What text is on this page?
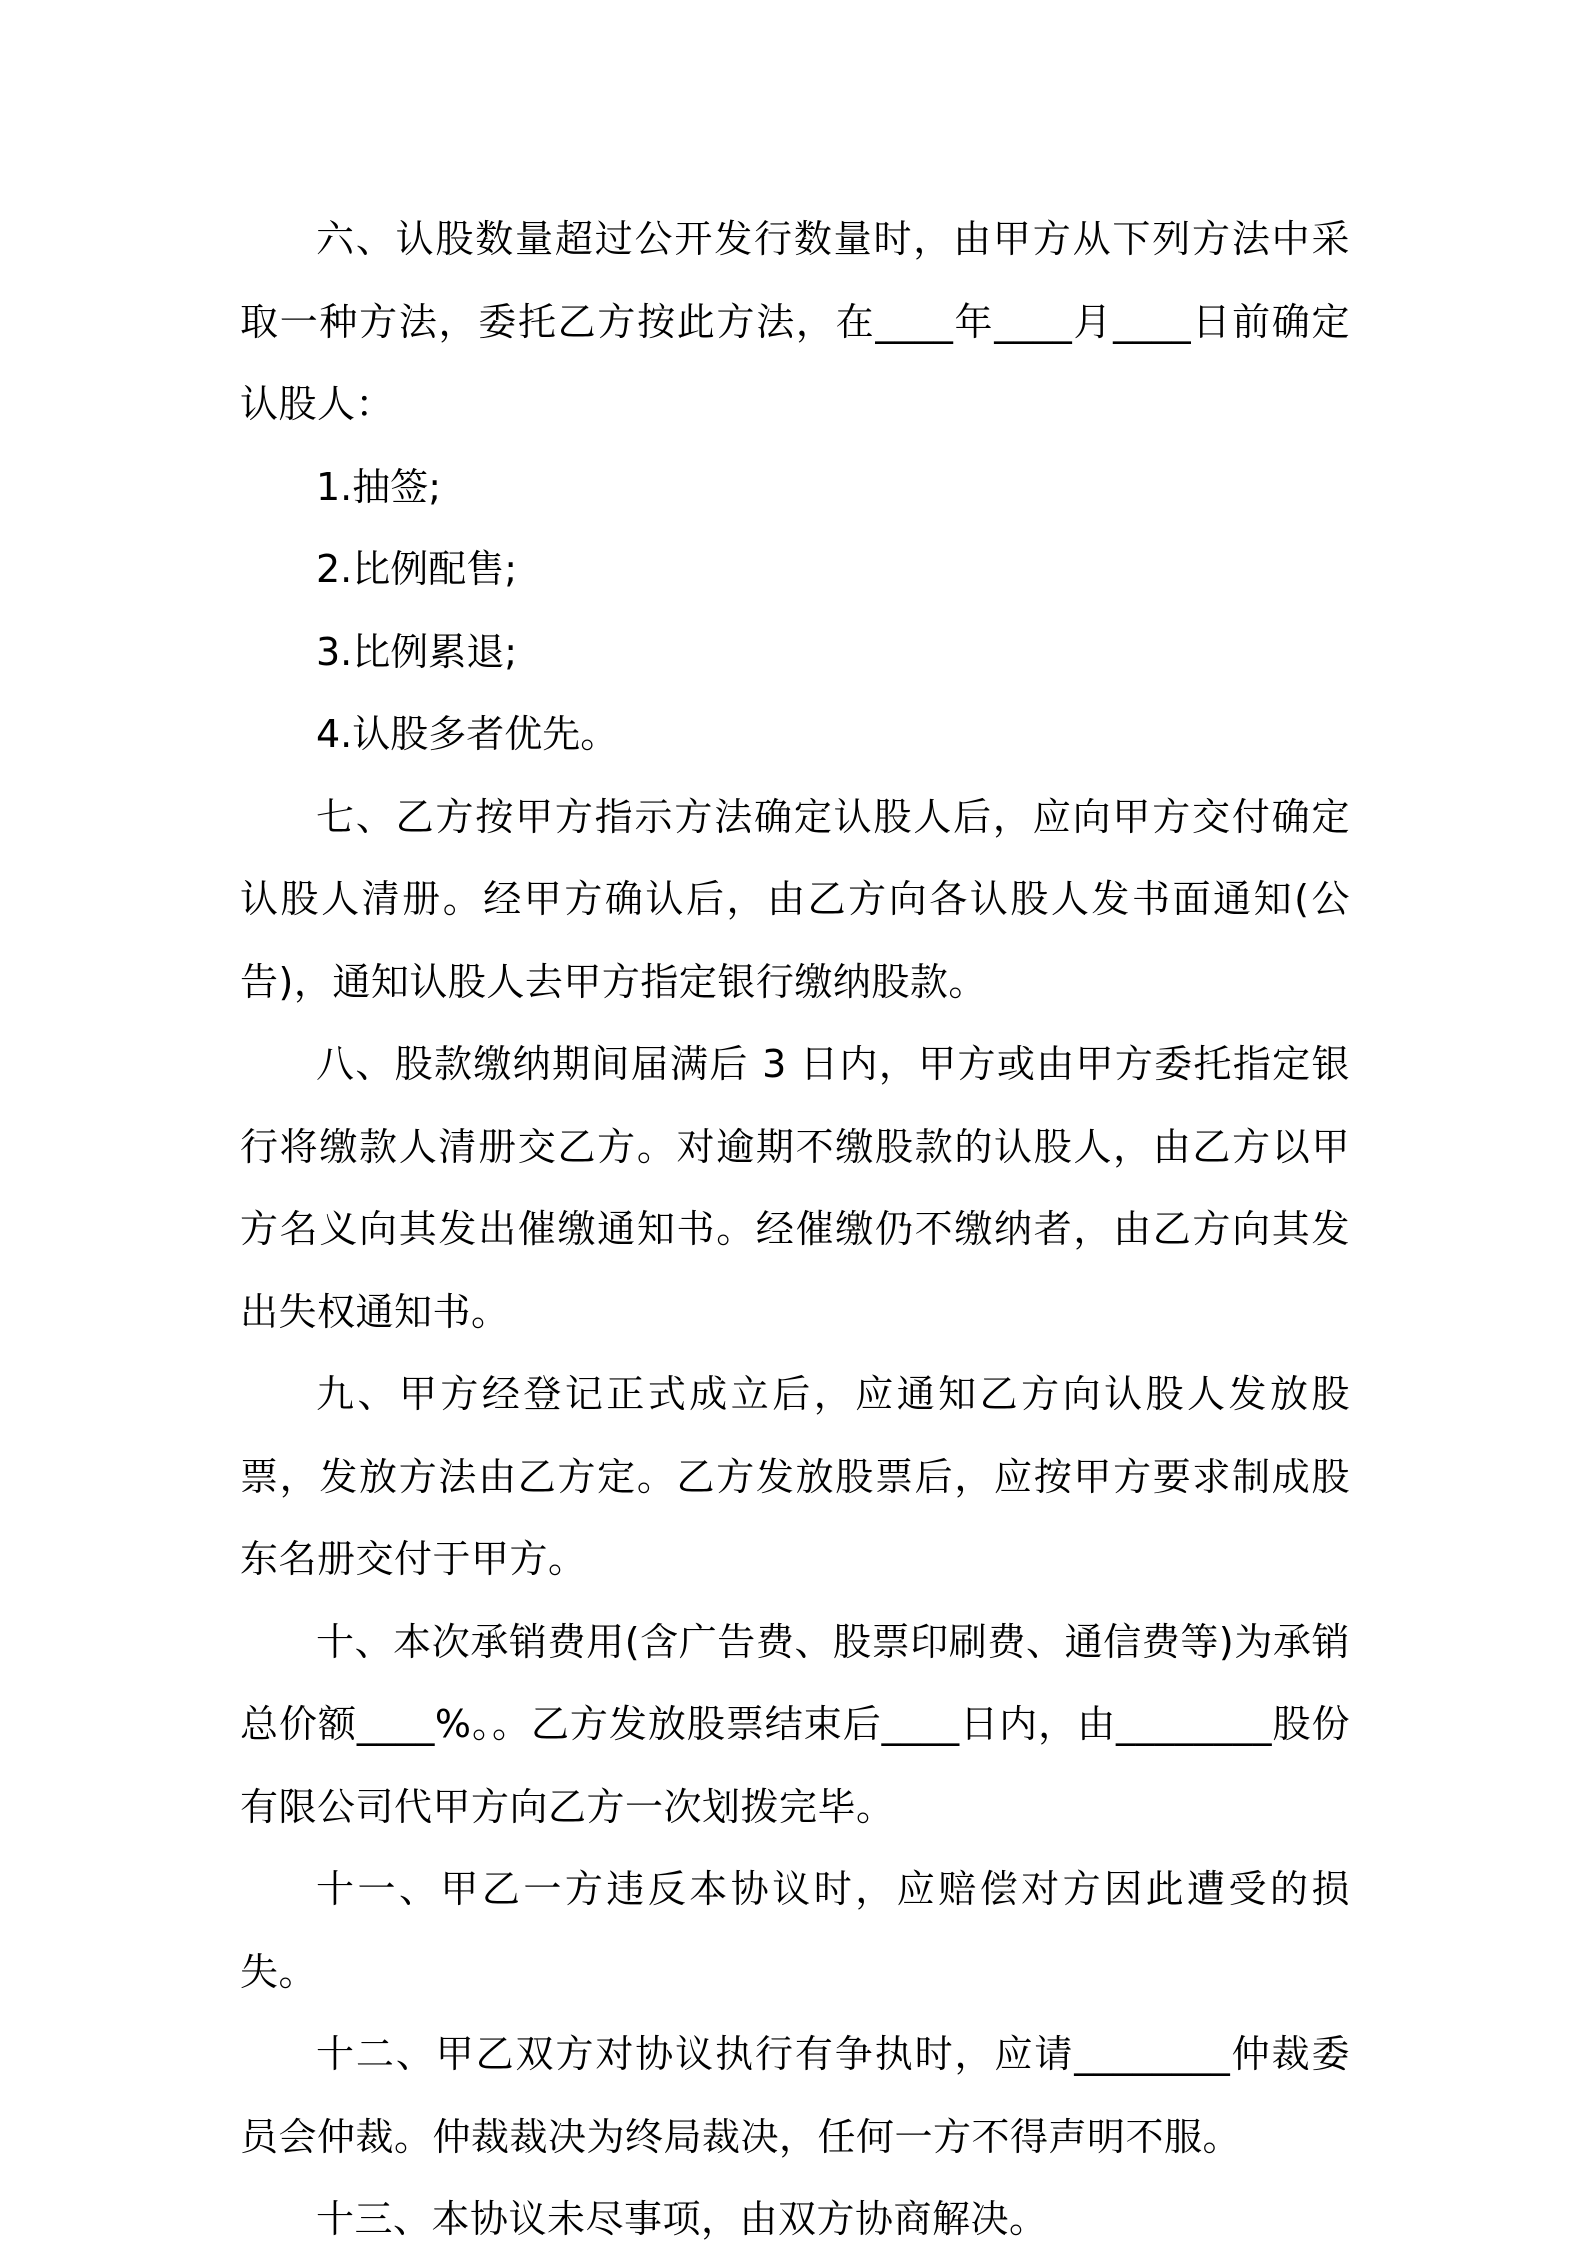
六、认股数量超过公开发行数量时，由甲方从下列方法中采取一种方法，委托乙方按此方法，在____年____月____日前确定认股人：

1.抽签;

2.比例配售;

3.比例累退;

4.认股多者优先。

七、乙方按甲方指示方法确定认股人后，应向甲方交付确定认股人清册。经甲方确认后，由乙方向各认股人发书面通知(公告)，通知认股人去甲方指定银行缴纳股款。

八、股款缴纳期间届满后 3 日内，甲方或由甲方委托指定银行将缴款人清册交乙方。对逾期不缴股款的认股人，由乙方以甲方名义向其发出催缴通知书。经催缴仍不缴纳者，由乙方向其发出失权通知书。

九、甲方经登记正式成立后，应通知乙方向认股人发放股票，发放方法由乙方定。乙方发放股票后，应按甲方要求制成股东名册交付于甲方。

十、本次承销费用(含广告费、股票印刷费、通信费等)为承销总价额____%。。乙方发放股票结束后____日内，由________股份有限公司代甲方向乙方一次划拨完毕。

十一、甲乙一方违反本协议时，应赔偿对方因此遭受的损失。

十二、甲乙双方对协议执行有争执时，应请________仲裁委员会仲裁。仲裁裁决为终局裁决，任何一方不得声明不服。

十三、本协议未尽事项，由双方协商解决。
